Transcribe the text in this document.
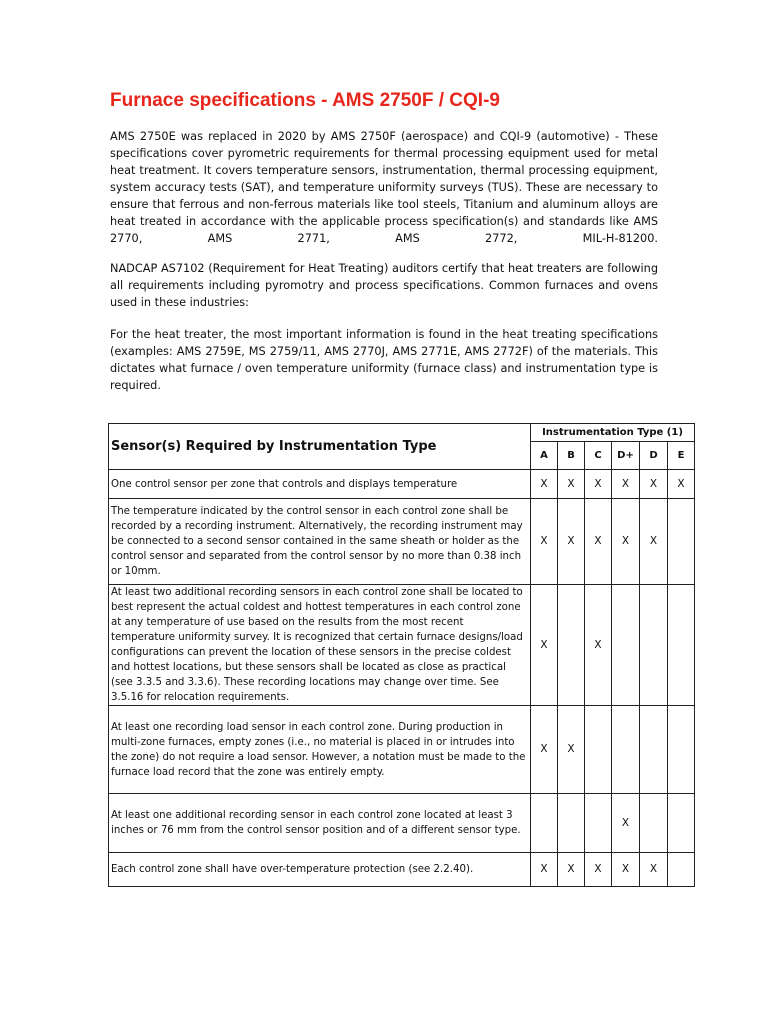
Furnace specifications - AMS 2750F / CQI-9

AMS 2750E was replaced in 2020 by AMS 2750F (aerospace) and CQI-9 (automotive) - These specifications cover pyrometric requirements for thermal processing equipment used for metal heat treatment. It covers temperature sensors, instrumentation, thermal processing equipment, system accuracy tests (SAT), and temperature uniformity surveys (TUS). These are necessary to ensure that ferrous and non-ferrous materials like tool steels, Titanium and aluminum alloys are heat treated in accordance with the applicable process specification(s) and standards like AMS 2770, AMS 2771, AMS 2772, MIL-H-81200.

NADCAP AS7102 (Requirement for Heat Treating) auditors certify that heat treaters are following all requirements including pyromotry and process specifications. Common furnaces and ovens used in these industries:

For the heat treater, the most important information is found in the heat treating specifications (examples: AMS 2759E, MS 2759/11, AMS 2770J, AMS 2771E, AMS 2772F) of the materials. This dictates what furnace / oven temperature uniformity (furnace class) and instrumentation type is required.

Sensor(s) Required by Instrumentation Type	Instrumentation Type (1)					
	A	B	C	D+	D	E
One control sensor per zone that controls and displays temperature	X	X	X	X	X	X
The temperature indicated by the control sensor in each control zone shall be recorded by a recording instrument. Alternatively, the recording instrument may be connected to a second sensor contained in the same sheath or holder as the control sensor and separated from the control sensor by no more than 0.38 inch or 10mm.	X	X	X	X	X	
At least two additional recording sensors in each control zone shall be located to best represent the actual coldest and hottest temperatures in each control zone at any temperature of use based on the results from the most recent temperature uniformity survey. It is recognized that certain furnace designs/load configurations can prevent the location of these sensors in the precise coldest and hottest locations, but these sensors shall be located as close as practical (see 3.3.5 and 3.3.6). These recording locations may change over time. See 3.5.16 for relocation requirements.	X		X			
At least one recording load sensor in each control zone. During production in multi-zone furnaces, empty zones (i.e., no material is placed in or intrudes into the zone) do not require a load sensor. However, a notation must be made to the furnace load record that the zone was entirely empty.	X	X				
At least one additional recording sensor in each control zone located at least 3 inches or 76 mm from the control sensor position and of a different sensor type.				X		
Each control zone shall have over-temperature protection (see 2.2.40).	X	X	X	X	X	
